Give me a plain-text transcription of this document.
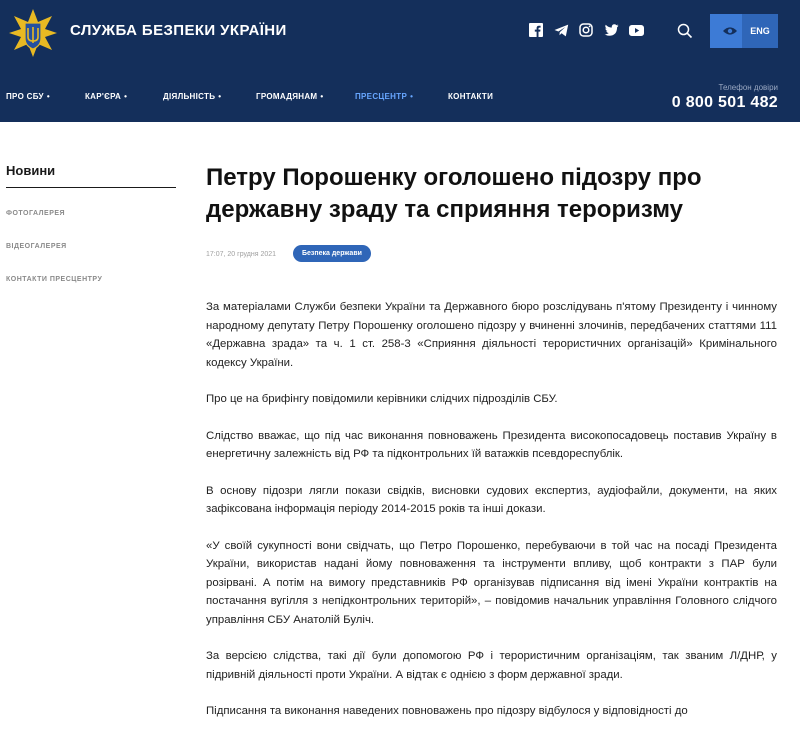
СЛУЖБА БЕЗПЕКИ УКРАЇНИ	ENG
ПРО СБУ •	КАР'ЄРА •	ДІЯЛЬНІСТЬ •	ГРОМАДЯНАМ •	ПРЕСЦЕНТР •	КОНТАКТИ
Телефон довіри
0 800 501 482
Новини
ФОТОГАЛЕРЕЯ
ВІДЕОГАЛЕРЕЯ
КОНТАКТИ ПРЕСЦЕНТРУ
Петру Порошенку оголошено підозру про державну зраду та сприяння тероризму
17:07, 20 грудня 2021	Безпека держави

За матеріалами Служби безпеки України та Державного бюро розслідувань п'ятому Президенту і чинному народному депутату Петру Порошенку оголошено підозру у вчиненні злочинів, передбачених статтями 111 «Державна зрада» та ч. 1 ст. 258-3 «Сприяння діяльності терористичних організацій» Кримінального кодексу України.

Про це на брифінгу повідомили керівники слідчих підрозділів СБУ.

Слідство вважає, що під час виконання повноважень Президента високопосадовець поставив Україну в енергетичну залежність від РФ та підконтрольних їй ватажків псевдореспублік.

В основу підозри лягли покази свідків, висновки судових експертиз, аудіофайли, документи, на яких зафіксована інформація періоду 2014-2015 років та інші докази.

«У своїй сукупності вони свідчать, що Петро Порошенко, перебуваючи в той час на посаді Президента України, використав надані йому повноваження та інструменти впливу, щоб контракти з ПАР були розірвані. А потім на вимогу представників РФ організував підписання від імені України контрактів на постачання вугілля з непідконтрольних територій», – повідомив начальник управління Головного слідчого управління СБУ Анатолій Буліч.

За версією слідства, такі дії були допомогою РФ і терористичним організаціям, так званим Л/ДНР, у підривній діяльності проти України. А відтак є однією з форм державної зради.

Підписання та виконання наведених повноважень про підозру відбулося у відповідності до
